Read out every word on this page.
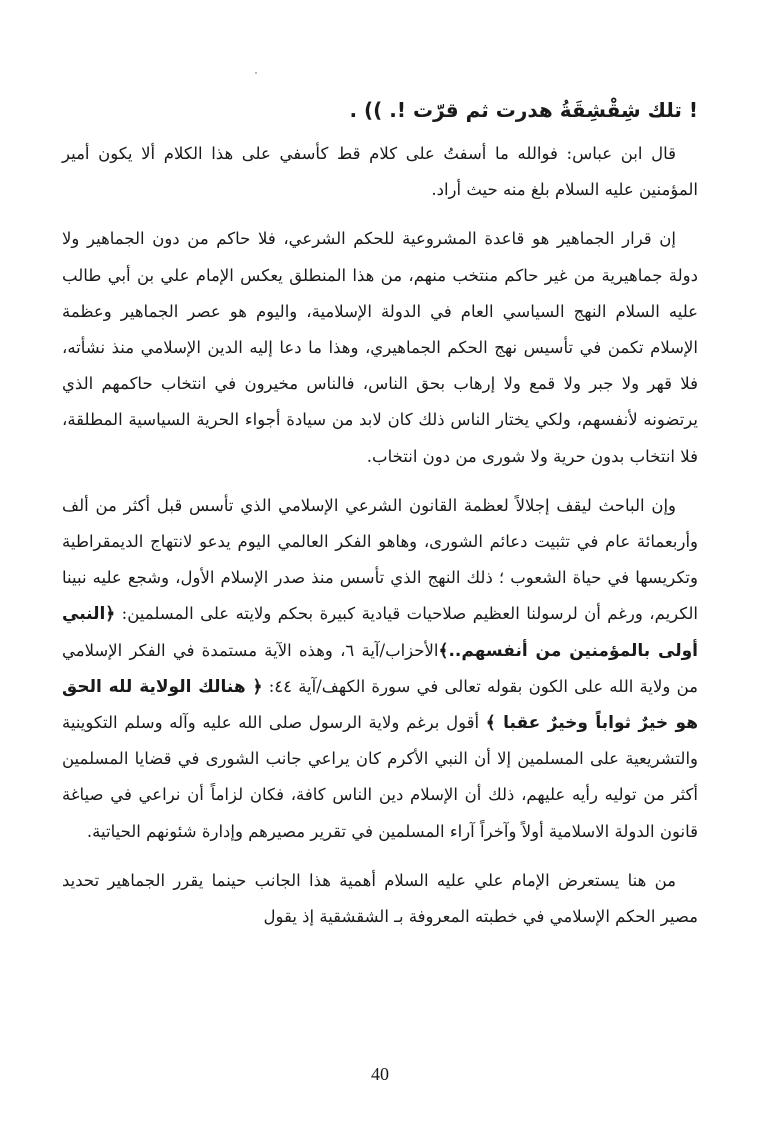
! تلك شِقْشِقَةُ هدرت ثم قرّت !. )) .

قال ابن عباس: فوالله ما أسفتُ على كلام قط كأسفي على هذا الكلام ألا يكون أمير المؤمنين عليه السلام بلغ منه حيث أراد.

إن قرار الجماهير هو قاعدة المشروعية للحكم الشرعي، فلا حاكم من دون الجماهير ولا دولة جماهيرية من غير حاكم منتخب منهم، من هذا المنطلق يعكس الإمام علي بن أبي طالب عليه السلام النهج السياسي العام في الدولة الإسلامية، واليوم هو عصر الجماهير وعظمة الإسلام تكمن في تأسيس نهج الحكم الجماهيري، وهذا ما دعا إليه الدين الإسلامي منذ نشأته، فلا قهر ولا جبر ولا قمع ولا إرهاب بحق الناس، فالناس مخيرون في انتخاب حاكمهم الذي يرتضونه لأنفسهم، ولكي يختار الناس ذلك كان لابد من سيادة أجواء الحرية السياسية المطلقة، فلا انتخاب بدون حرية ولا شورى من دون انتخاب.

وإن الباحث ليقف إجلالاً لعظمة القانون الشرعي الإسلامي الذي تأسس قبل أكثر من ألف وأربعمائة عام في تثبيت دعائم الشورى، وهاهو الفكر العالمي اليوم يدعو لانتهاج الديمقراطية وتكريسها في حياة الشعوب ؛ ذلك النهج الذي تأسس منذ صدر الإسلام الأول، وشجع عليه نبينا الكريم، ورغم أن لرسولنا العظيم صلاحيات قيادية كبيرة بحكم ولايته على المسلمين: ﴿النبي أولى بالمؤمنين من أنفسهم..﴾الأحزاب/آية ٦، وهذه الآية مستمدة في الفكر الإسلامي من ولاية الله على الكون بقوله تعالى في سورة الكهف/آية ٤٤: ﴿ هنالك الولاية لله الحق هو خيرٌ ثواباً وخيرٌ عقبا ﴾ أقول برغم ولاية الرسول صلى الله عليه وآله وسلم التكوينية والتشريعية على المسلمين إلا أن النبي الأكرم كان يراعي جانب الشورى في قضايا المسلمين أكثر من توليه رأيه عليهم، ذلك أن الإسلام دين الناس كافة، فكان لزاماً أن نراعي في صياغة قانون الدولة الاسلامية أولاً وآخراً آراء المسلمين في تقرير مصيرهم وإدارة شئونهم الحياتية.

من هنا يستعرض الإمام علي عليه السلام أهمية هذا الجانب حينما يقرر الجماهير تحديد مصير الحكم الإسلامي في خطبته المعروفة بـ الشقشقية إذ يقول

40
